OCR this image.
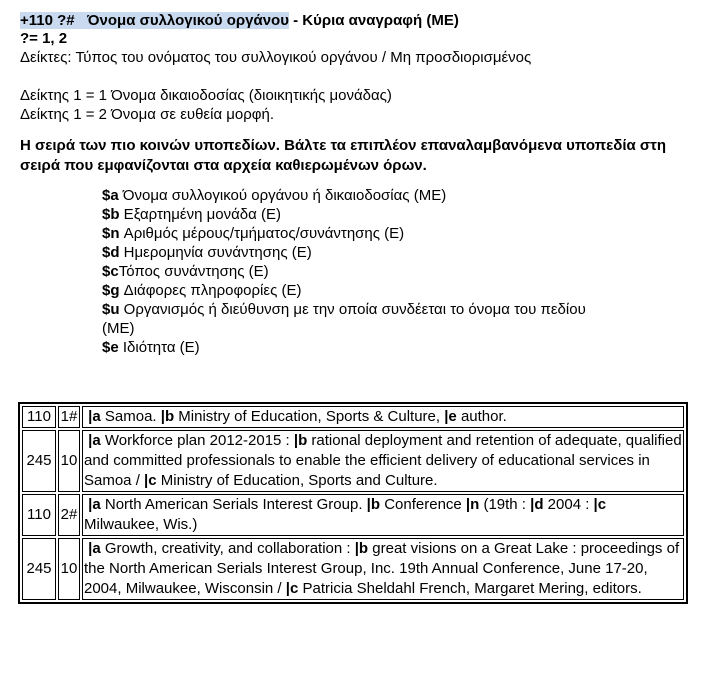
+110 ?# Όνομα συλλογικού οργάνου - Κύρια αναγραφή (ΜΕ)
?= 1, 2
Δείκτες: Τύπος του ονόματος του συλλογικού οργάνου / Μη προσδιορισμένος
Δείκτης 1 = 1 Όνομα δικαιοδοσίας (διοικητικής μονάδας)
Δείκτης 1 = 2 Όνομα σε ευθεία μορφή.
Η σειρά των πιο κοινών υποπεδίων. Βάλτε τα επιπλέον επαναλαμβανόμενα υποπεδία στη σειρά που εμφανίζονται στα αρχεία καθιερωμένων όρων.
$a Όνομα συλλογικού οργάνου ή δικαιοδοσίας (ΜΕ)
$b Εξαρτημένη μονάδα (Ε)
$n Αριθμός μέρους/τμήματος/συνάντησης (Ε)
$d Ημερομηνία συνάντησης (Ε)
$cΤόπος συνάντησης (Ε)
$g Διάφορες πληροφορίες (Ε)
$u Οργανισμός ή διεύθυνση με την οποία συνδέεται το όνομα του πεδίου (ΜΕ)
$e Ιδιότητα (Ε)
110	1#	|a Samoa. |b Ministry of Education, Sports & Culture, |e author.
245	10	|a Workforce plan 2012-2015 : |b rational deployment and retention of adequate, qualified and committed professionals to enable the efficient delivery of educational services in Samoa / |c Ministry of Education, Sports and Culture.
110	2#	|a North American Serials Interest Group. |b Conference |n (19th : |d 2004 : |c Milwaukee, Wis.)
245	10	|a Growth, creativity, and collaboration : |b great visions on a Great Lake : proceedings of the North American Serials Interest Group, Inc. 19th Annual Conference, June 17-20, 2004, Milwaukee, Wisconsin / |c Patricia Sheldahl French, Margaret Mering, editors.
